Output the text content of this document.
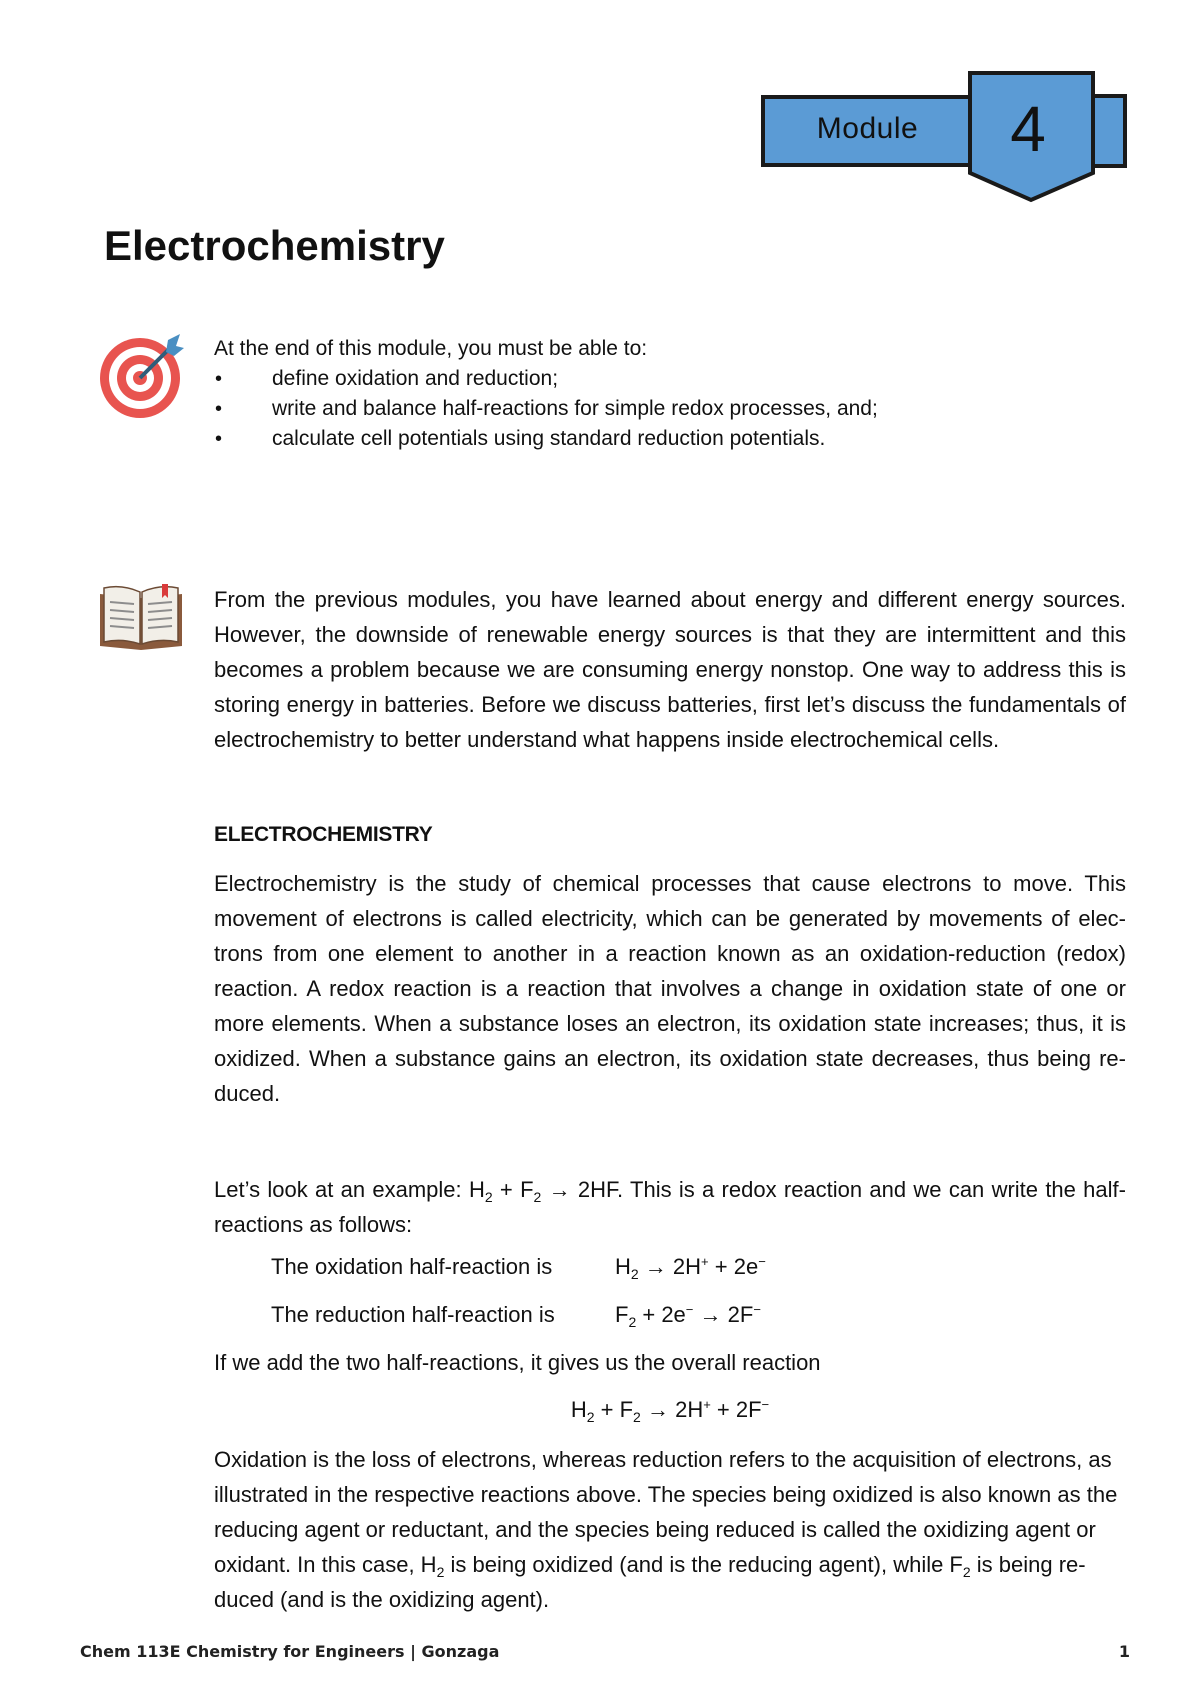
Module	4
Electrochemistry
At the end of this module, you must be able to:
• define oxidation and reduction;
• write and balance half-reactions for simple redox processes, and;
• calculate cell potentials using standard reduction potentials.
From the previous modules, you have learned about energy and different energy sources. However, the downside of renewable energy sources is that they are intermittent and this becomes a problem because we are consuming energy nonstop. One way to address this is storing energy in batteries. Before we discuss batteries, first let’s discuss the fundamentals of electrochemistry to better understand what happens inside electrochemical cells.
ELECTROCHEMISTRY
Electrochemistry is the study of chemical processes that cause electrons to move. This movement of electrons is called electricity, which can be generated by movements of elec-trons from one element to another in a reaction known as an oxidation-reduction (redox) reaction. A redox reaction is a reaction that involves a change in oxidation state of one or more elements. When a substance loses an electron, its oxidation state increases; thus, it is oxidized. When a substance gains an electron, its oxidation state decreases, thus being re-duced.
Let’s look at an example: $H_2 + F_2 \to 2HF$. This is a redox reaction and we can write the half-reactions as follows:
The oxidation half-reaction is	$H_2 \to 2H^+ + 2e^-$
The reduction half-reaction is	$F_2 + 2e^- \to 2F^-$
If we add the two half-reactions, it gives us the overall reaction
$H_2 + F_2 \to 2H^+ + 2F^-$
Oxidation is the loss of electrons, whereas reduction refers to the acquisition of electrons, as illustrated in the respective reactions above. The species being oxidized is also known as the reducing agent or reductant, and the species being reduced is called the oxidizing agent or oxidant. In this case, $H_2$ is being oxidized (and is the reducing agent), while $F_2$ is being re-duced (and is the oxidizing agent).
Chem 113E Chemistry for Engineers | Gonzaga	1
